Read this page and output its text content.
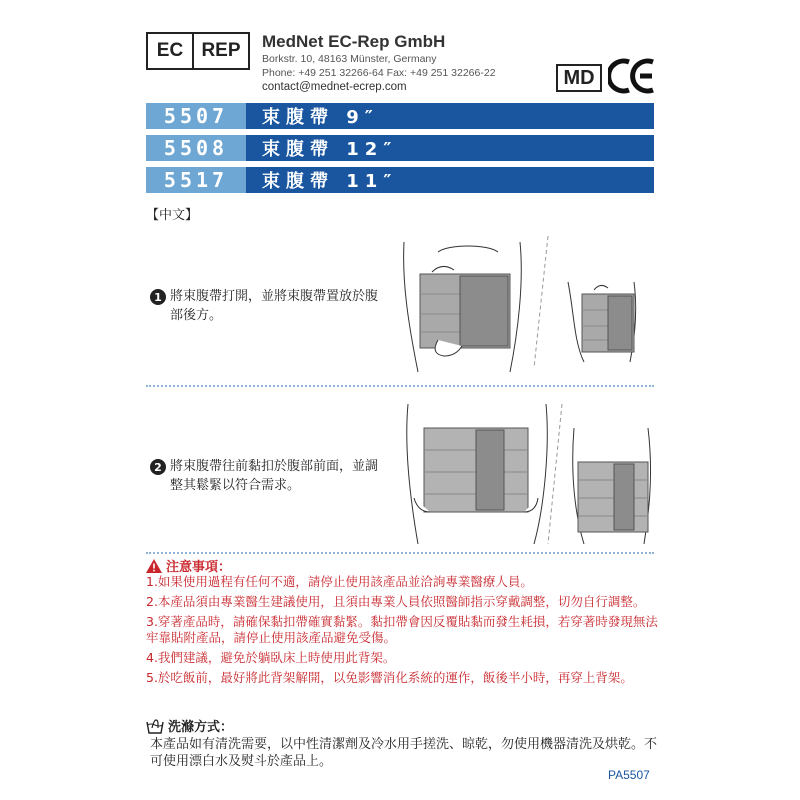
EC REP	MedNet EC-Rep GmbH
Borkstr. 10, 48163 Münster, Germany
Phone: +49 251 32266-64 Fax: +49 251 32266-22
contact@mednet-ecrep.com	MD
5507	束腹帶 9″
5508	束腹帶 12″
5517	束腹帶 11″
【中文】
1 將束腹帶打開，並將束腹帶置放於腹部後方。
2 將束腹帶往前黏扣於腹部前面，並調整其鬆緊以符合需求。
注意事項：
1.如果使用過程有任何不適，請停止使用該產品並洽詢專業醫療人員。
2.本產品須由專業醫生建議使用，且須由專業人員依照醫師指示穿戴調整，切勿自行調整。
3.穿著產品時，請確保黏扣帶確實黏緊。黏扣帶會因反覆貼黏而發生耗損，若穿著時發現無法牢靠貼附產品，請停止使用該產品避免受傷。
4.我們建議，避免於躺臥床上時使用此背架。
5.於吃飯前，最好將此背架解開，以免影響消化系統的運作，飯後半小時，再穿上背架。
洗滌方式：
本產品如有清洗需要，以中性清潔劑及冷水用手搓洗、晾乾，勿使用機器清洗及烘乾。不可使用漂白水及熨斗於產品上。
PA5507
